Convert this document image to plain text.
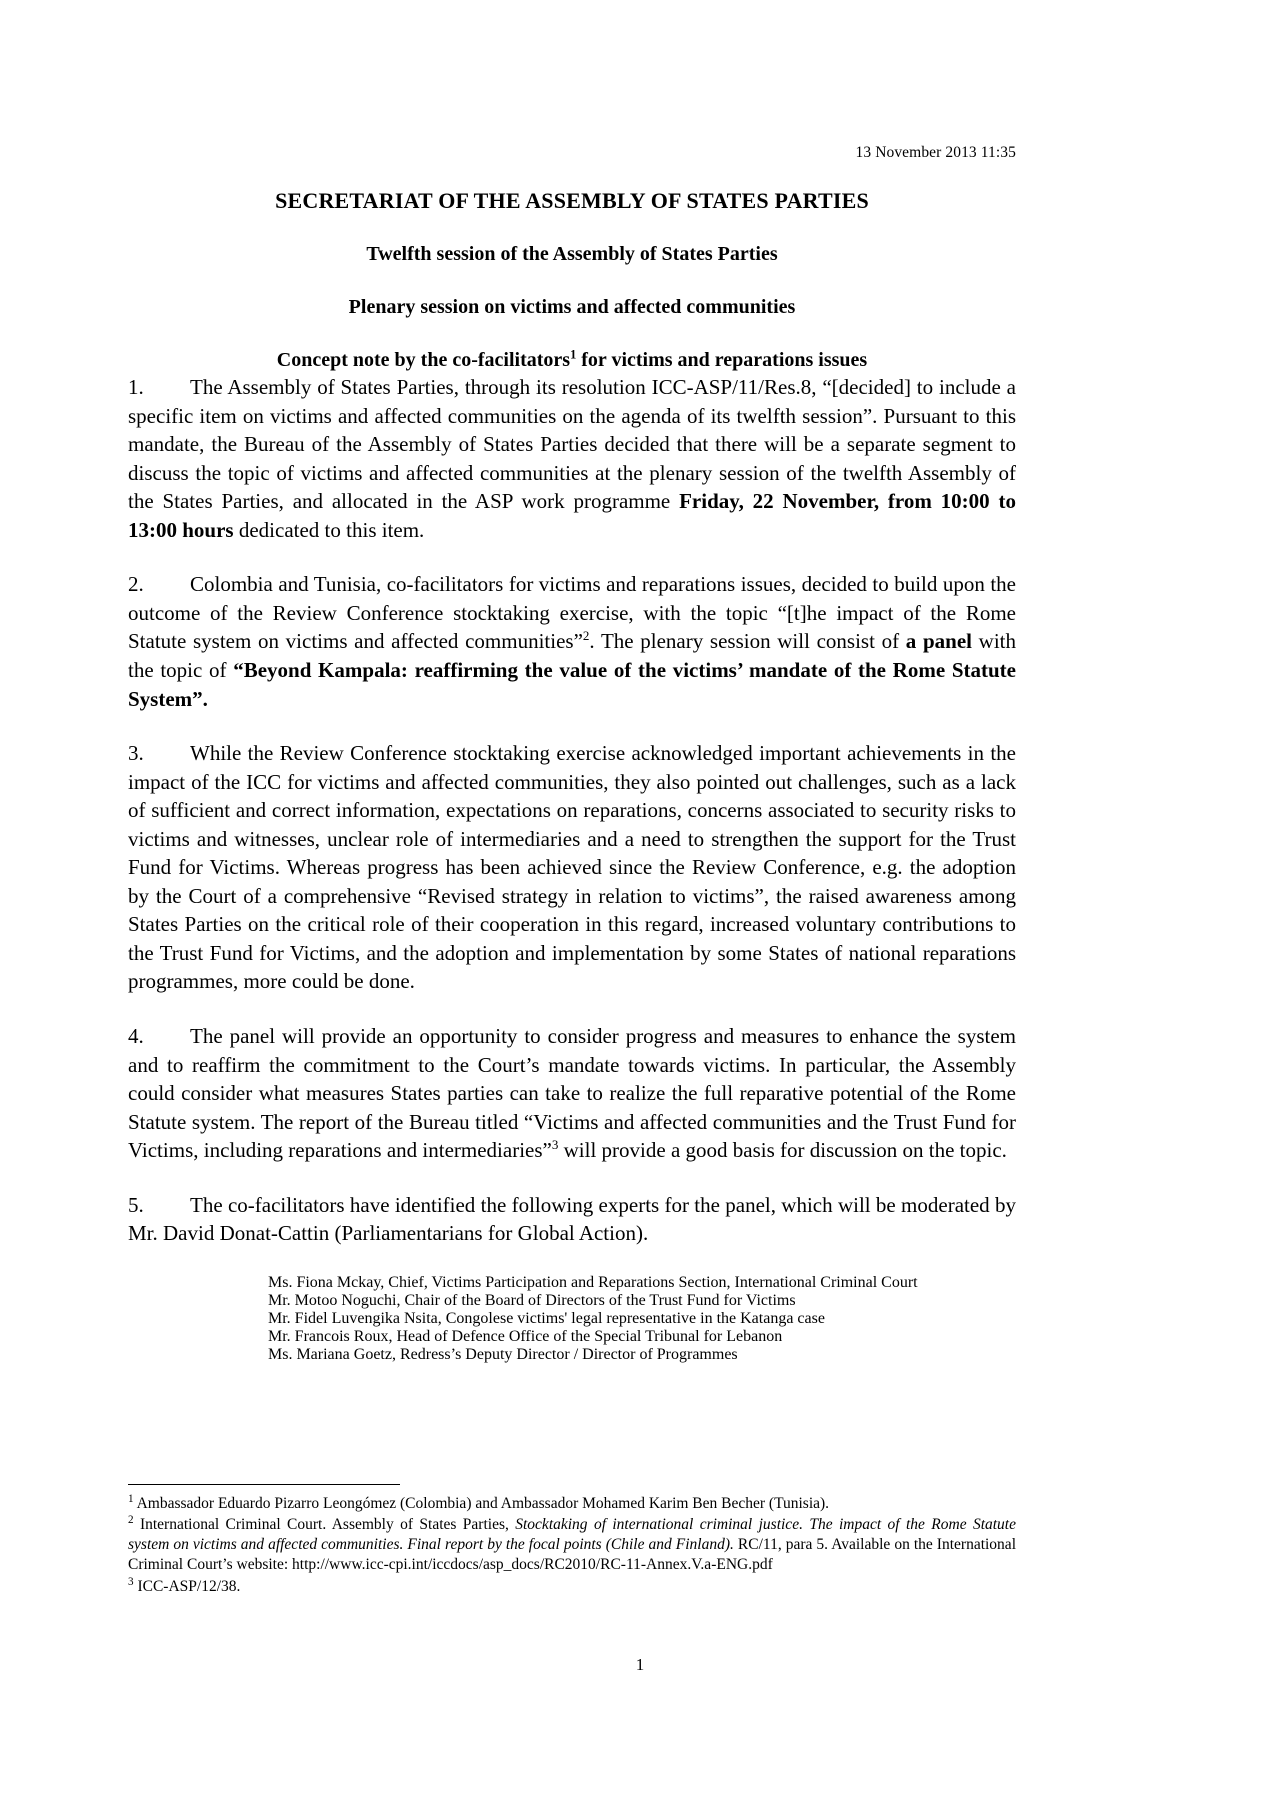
13 November 2013 11:35
SECRETARIAT OF THE ASSEMBLY OF STATES PARTIES
Twelfth session of the Assembly of States Parties
Plenary session on victims and affected communities
Concept note by the co-facilitators$^1$ for victims and reparations issues

1. The Assembly of States Parties, through its resolution ICC-ASP/11/Res.8, “[decided] to include a specific item on victims and affected communities on the agenda of its twelfth session”. Pursuant to this mandate, the Bureau of the Assembly of States Parties decided that there will be a separate segment to discuss the topic of victims and affected communities at the plenary session of the twelfth Assembly of the States Parties, and allocated in the ASP work programme Friday, 22 November, from 10:00 to 13:00 hours dedicated to this item.

2. Colombia and Tunisia, co-facilitators for victims and reparations issues, decided to build upon the outcome of the Review Conference stocktaking exercise, with the topic “[t]he impact of the Rome Statute system on victims and affected communities”$^2$. The plenary session will consist of a panel with the topic of “Beyond Kampala: reaffirming the value of the victims’ mandate of the Rome Statute System”.

3. While the Review Conference stocktaking exercise acknowledged important achievements in the impact of the ICC for victims and affected communities, they also pointed out challenges, such as a lack of sufficient and correct information, expectations on reparations, concerns associated to security risks to victims and witnesses, unclear role of intermediaries and a need to strengthen the support for the Trust Fund for Victims. Whereas progress has been achieved since the Review Conference, e.g. the adoption by the Court of a comprehensive “Revised strategy in relation to victims”, the raised awareness among States Parties on the critical role of their cooperation in this regard, increased voluntary contributions to the Trust Fund for Victims, and the adoption and implementation by some States of national reparations programmes, more could be done.

4. The panel will provide an opportunity to consider progress and measures to enhance the system and to reaffirm the commitment to the Court’s mandate towards victims. In particular, the Assembly could consider what measures States parties can take to realize the full reparative potential of the Rome Statute system. The report of the Bureau titled “Victims and affected communities and the Trust Fund for Victims, including reparations and intermediaries”$^3$ will provide a good basis for discussion on the topic.

5. The co-facilitators have identified the following experts for the panel, which will be moderated by Mr. David Donat-Cattin (Parliamentarians for Global Action).

Ms. Fiona Mckay, Chief, Victims Participation and Reparations Section, International Criminal Court
Mr. Motoo Noguchi, Chair of the Board of Directors of the Trust Fund for Victims
Mr. Fidel Luvengika Nsita, Congolese victims' legal representative in the Katanga case
Mr. Francois Roux, Head of Defence Office of the Special Tribunal for Lebanon
Ms. Mariana Goetz, Redress’s Deputy Director / Director of Programmes
$^1$ Ambassador Eduardo Pizarro Leongómez (Colombia) and Ambassador Mohamed Karim Ben Becher (Tunisia).
$^2$ International Criminal Court. Assembly of States Parties, Stocktaking of international criminal justice. The impact of the Rome Statute system on victims and affected communities. Final report by the focal points (Chile and Finland). RC/11, para 5. Available on the International Criminal Court’s website: http://www.icc-cpi.int/iccdocs/asp_docs/RC2010/RC-11-Annex.V.a-ENG.pdf
$^3$ ICC-ASP/12/38.
1
